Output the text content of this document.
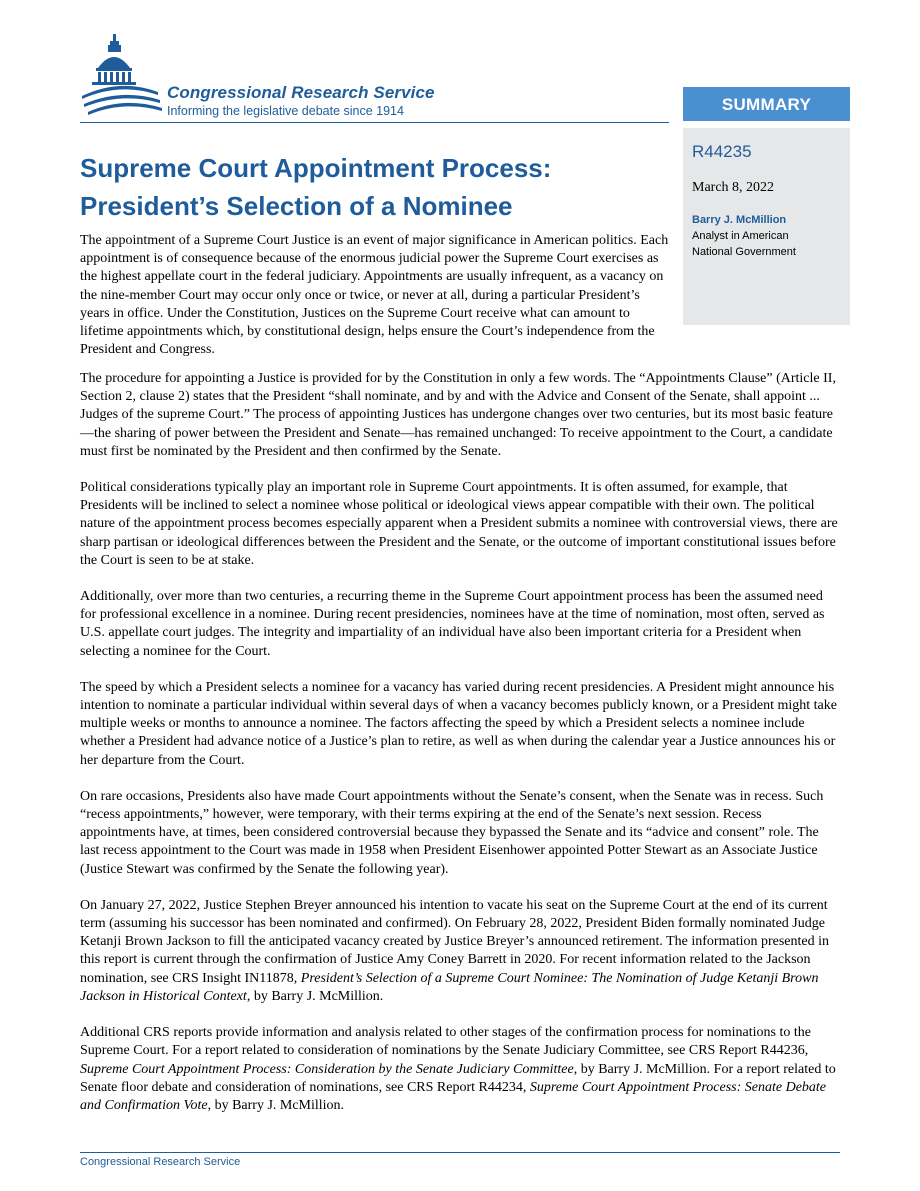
Congressional Research Service
Informing the legislative debate since 1914	SUMMARY
R44235
March 8, 2022
Barry J. McMillion
Analyst in American
National Government
Supreme Court Appointment Process:
President’s Selection of a Nominee

The appointment of a Supreme Court Justice is an event of major significance in American politics. Each appointment is of consequence because of the enormous judicial power the Supreme Court exercises as the highest appellate court in the federal judiciary. Appointments are usually infrequent, as a vacancy on the nine-member Court may occur only once or twice, or never at all, during a particular President’s years in office. Under the Constitution, Justices on the Supreme Court receive what can amount to lifetime appointments which, by constitutional design, helps ensure the Court’s independence from the President and Congress.

The procedure for appointing a Justice is provided for by the Constitution in only a few words. The “Appointments Clause” (Article II, Section 2, clause 2) states that the President “shall nominate, and by and with the Advice and Consent of the Senate, shall appoint ... Judges of the supreme Court.” The process of appointing Justices has undergone changes over two centuries, but its most basic feature—the sharing of power between the President and Senate—has remained unchanged: To receive appointment to the Court, a candidate must first be nominated by the President and then confirmed by the Senate.

Political considerations typically play an important role in Supreme Court appointments. It is often assumed, for example, that Presidents will be inclined to select a nominee whose political or ideological views appear compatible with their own. The political nature of the appointment process becomes especially apparent when a President submits a nominee with controversial views, there are sharp partisan or ideological differences between the President and the Senate, or the outcome of important constitutional issues before the Court is seen to be at stake.

Additionally, over more than two centuries, a recurring theme in the Supreme Court appointment process has been the assumed need for professional excellence in a nominee. During recent presidencies, nominees have at the time of nomination, most often, served as U.S. appellate court judges. The integrity and impartiality of an individual have also been important criteria for a President when selecting a nominee for the Court.

The speed by which a President selects a nominee for a vacancy has varied during recent presidencies. A President might announce his intention to nominate a particular individual within several days of when a vacancy becomes publicly known, or a President might take multiple weeks or months to announce a nominee. The factors affecting the speed by which a President selects a nominee include whether a President had advance notice of a Justice’s plan to retire, as well as when during the calendar year a Justice announces his or her departure from the Court.

On rare occasions, Presidents also have made Court appointments without the Senate’s consent, when the Senate was in recess. Such “recess appointments,” however, were temporary, with their terms expiring at the end of the Senate’s next session. Recess appointments have, at times, been considered controversial because they bypassed the Senate and its “advice and consent” role. The last recess appointment to the Court was made in 1958 when President Eisenhower appointed Potter Stewart as an Associate Justice (Justice Stewart was confirmed by the Senate the following year).

On January 27, 2022, Justice Stephen Breyer announced his intention to vacate his seat on the Supreme Court at the end of its current term (assuming his successor has been nominated and confirmed). On February 28, 2022, President Biden formally nominated Judge Ketanji Brown Jackson to fill the anticipated vacancy created by Justice Breyer’s announced retirement. The information presented in this report is current through the confirmation of Justice Amy Coney Barrett in 2020. For recent information related to the Jackson nomination, see CRS Insight IN11878, President’s Selection of a Supreme Court Nominee: The Nomination of Judge Ketanji Brown Jackson in Historical Context, by Barry J. McMillion.

Additional CRS reports provide information and analysis related to other stages of the confirmation process for nominations to the Supreme Court. For a report related to consideration of nominations by the Senate Judiciary Committee, see CRS Report R44236, Supreme Court Appointment Process: Consideration by the Senate Judiciary Committee, by Barry J. McMillion. For a report related to Senate floor debate and consideration of nominations, see CRS Report R44234, Supreme Court Appointment Process: Senate Debate and Confirmation Vote, by Barry J. McMillion.

Congressional Research Service
